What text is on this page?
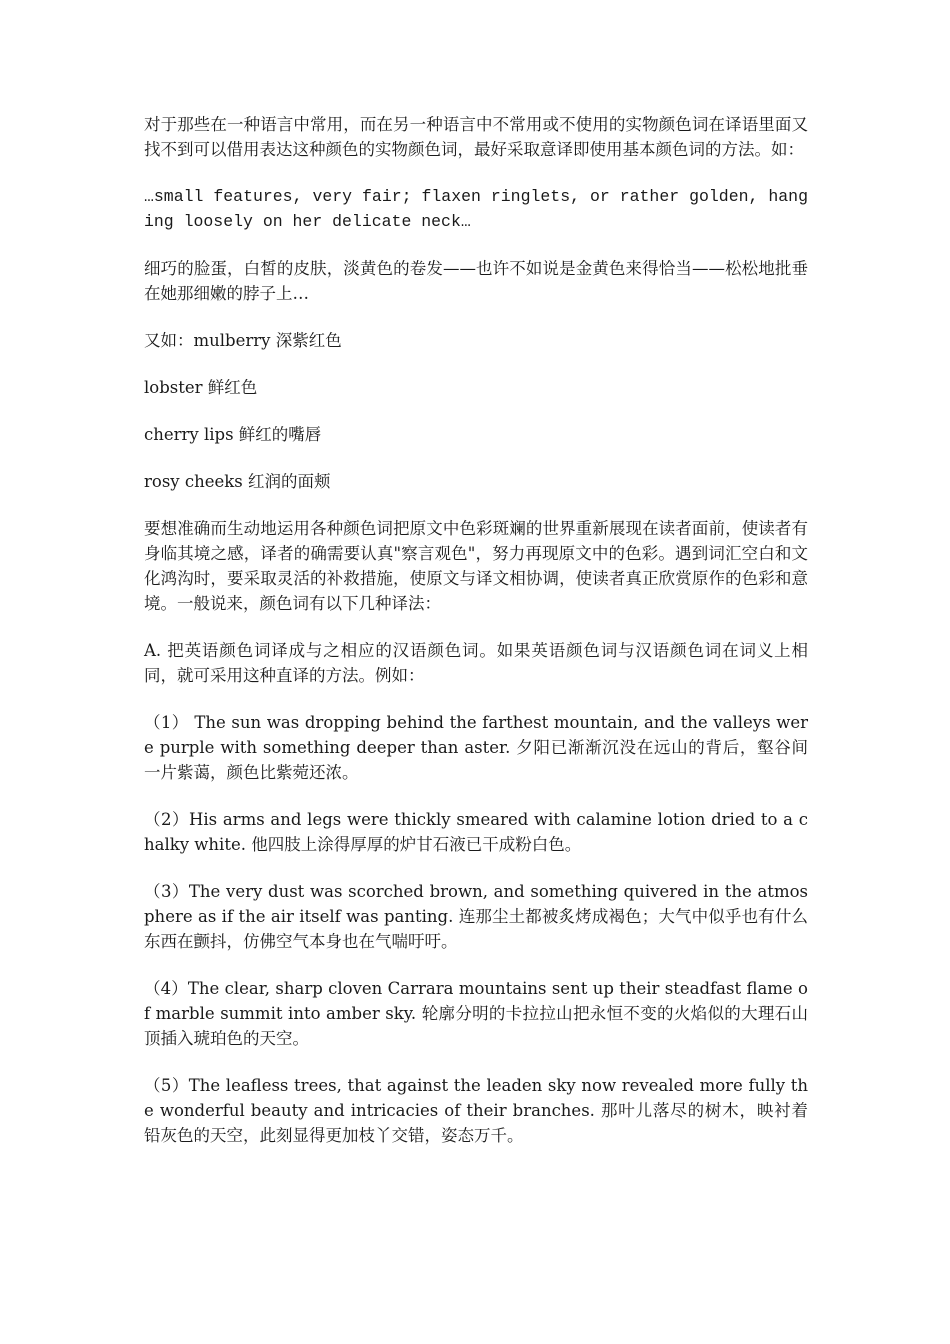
对于那些在一种语言中常用，而在另一种语言中不常用或不使用的实物颜色词在译语里面又找不到可以借用表达这种颜色的实物颜色词，最好采取意译即使用基本颜色词的方法。如：

…small features, very fair; flaxen ringlets, or rather golden, hanging loosely on her delicate neck…

细巧的脸蛋，白皙的皮肤，淡黄色的卷发——也许不如说是金黄色来得恰当——松松地批垂在她那细嫩的脖子上…

又如：mulberry 深紫红色

lobster 鲜红色

cherry lips 鲜红的嘴唇

rosy cheeks 红润的面颊

要想准确而生动地运用各种颜色词把原文中色彩斑斓的世界重新展现在读者面前，使读者有身临其境之感，译者的确需要认真"察言观色"，努力再现原文中的色彩。遇到词汇空白和文化鸿沟时，要采取灵活的补救措施，使原文与译文相协调，使读者真正欣赏原作的色彩和意境。一般说来，颜色词有以下几种译法：

A. 把英语颜色词译成与之相应的汉语颜色词。如果英语颜色词与汉语颜色词在词义上相同，就可采用这种直译的方法。例如：

（1） The sun was dropping behind the farthest mountain, and the valleys were purple with something deeper than aster. 夕阳已渐渐沉没在远山的背后，壑谷间一片紫蔼，颜色比紫菀还浓。

（2）His arms and legs were thickly smeared with calamine lotion dried to a chalky white. 他四肢上涂得厚厚的炉甘石液已干成粉白色。

（3）The very dust was scorched brown, and something quivered in the atmosphere as if the air itself was panting. 连那尘土都被炙烤成褐色；大气中似乎也有什么东西在颤抖，仿佛空气本身也在气喘吁吁。

（4）The clear, sharp cloven Carrara mountains sent up their steadfast flame of marble summit into amber sky. 轮廓分明的卡拉拉山把永恒不变的火焰似的大理石山顶插入琥珀色的天空。

（5）The leafless trees, that against the leaden sky now revealed more fully the wonderful beauty and intricacies of their branches. 那叶儿落尽的树木，映衬着铅灰色的天空，此刻显得更加枝丫交错，姿态万千。
